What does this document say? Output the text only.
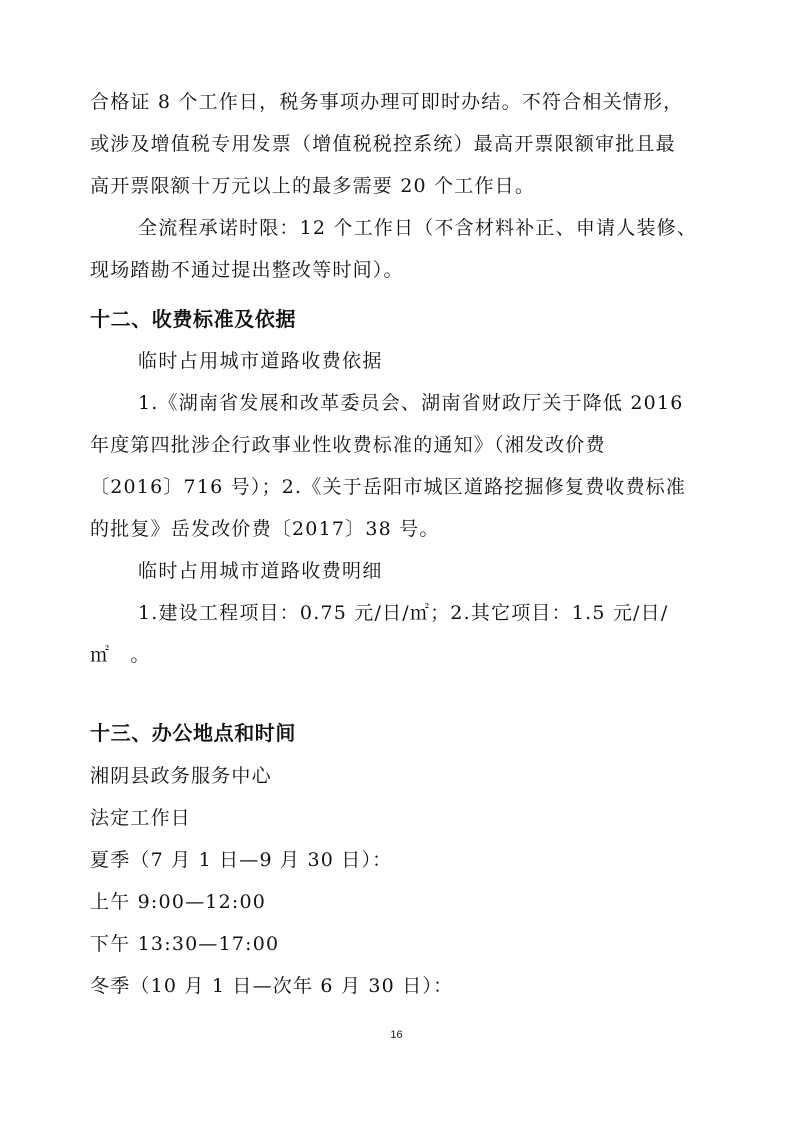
合格证 8 个工作日，税务事项办理可即时办结。不符合相关情形，
或涉及增值税专用发票（增值税税控系统）最高开票限额审批且最
高开票限额十万元以上的最多需要 20 个工作日。
全流程承诺时限：12 个工作日（不含材料补正、申请人装修、
现场踏勘不通过提出整改等时间）。
十二、收费标准及依据
临时占用城市道路收费依据
1.《湖南省发展和改革委员会、湖南省财政厅关于降低 2016
年度第四批涉企行政事业性收费标准的通知》（湘发改价费
〔2016〕716 号）；2.《关于岳阳市城区道路挖掘修复费收费标准
的批复》岳发改价费〔2017〕38 号。
临时占用城市道路收费明细
1.建设工程项目：0.75 元/日/㎡；2.其它项目：1.5 元/日/
㎡　。
十三、办公地点和时间
湘阴县政务服务中心
法定工作日
夏季（7 月 1 日—9 月 30 日）：
上午 9:00—12:00
下午 13:30—17:00
冬季（10 月 1 日—次年 6 月 30 日）：
16
